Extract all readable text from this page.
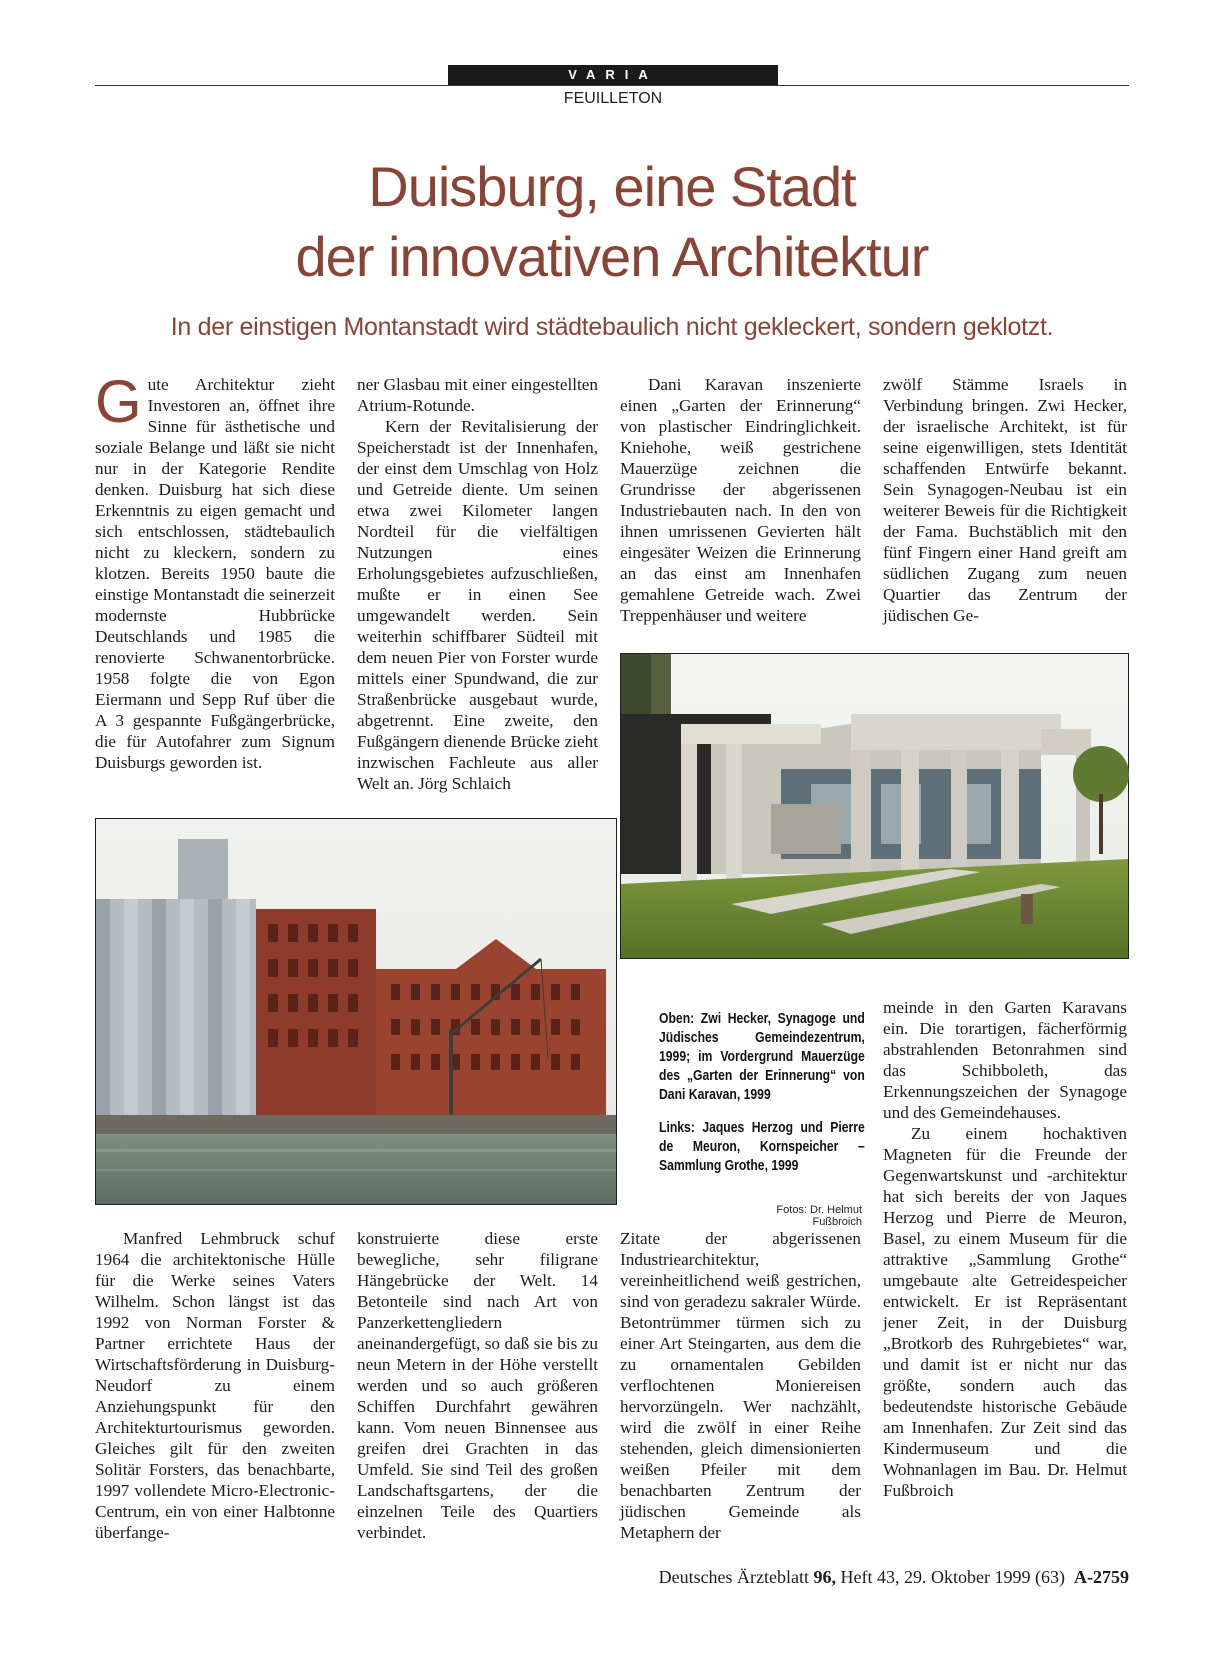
VARIA
FEUILLETON
Duisburg, eine Stadt
der innovativen Architektur
In der einstigen Montanstadt wird städtebaulich nicht gekleckert, sondern geklotzt.
G ute Architektur zieht Investoren an, öffnet ihre Sinne für ästhetische und soziale Belange und läßt sie nicht nur in der Kategorie Rendite denken. Duisburg hat sich diese Erkenntnis zu eigen gemacht und sich entschlossen, städtebaulich nicht zu kleckern, sondern zu klotzen. Bereits 1950 baute die einstige Montanstadt die seinerzeit modernste Hubbrücke Deutschlands und 1985 die renovierte Schwanentorbrücke. 1958 folgte die von Egon Eiermann und Sepp Ruf über die A 3 gespannte Fußgängerbrücke, die für Autofahrer zum Signum Duisburgs geworden ist.

ner Glasbau mit einer eingestellten Atrium-Rotunde.

Kern der Revitalisierung der Speicherstadt ist der Innenhafen, der einst dem Umschlag von Holz und Getreide diente. Um seinen etwa zwei Kilometer langen Nordteil für die vielfältigen Nutzungen eines Erholungsgebietes aufzuschließen, mußte er in einen See umgewandelt werden. Sein weiterhin schiffbarer Südteil mit dem neuen Pier von Forster wurde mittels einer Spundwand, die zur Straßenbrücke ausgebaut wurde, abgetrennt. Eine zweite, den Fußgängern dienende Brücke zieht inzwischen Fachleute aus aller Welt an. Jörg Schlaich

Dani Karavan inszenierte einen „Garten der Erinnerung“ von plastischer Eindringlichkeit. Kniehohe, weiß gestrichene Mauerzüge zeichnen die Grundrisse der abgerissenen Industriebauten nach. In den von ihnen umrissenen Gevierten hält eingesäter Weizen die Erinnerung an das einst am Innenhafen gemahlene Getreide wach. Zwei Treppenhäuser und weitere

zwölf Stämme Israels in Verbindung bringen. Zwi Hecker, der israelische Architekt, ist für seine eigenwilligen, stets Identität schaffenden Entwürfe bekannt. Sein Synagogen-Neubau ist ein weiterer Beweis für die Richtigkeit der Fama. Buchstäblich mit den fünf Fingern einer Hand greift am südlichen Zugang zum neuen Quartier das Zentrum der jüdischen Ge-

Oben: Zwi Hecker, Synagoge und Jüdisches Gemeindezentrum, 1999; im Vordergrund Mauerzüge des „Garten der Erinnerung“ von Dani Karavan, 1999

Links: Jaques Herzog und Pierre de Meuron, Kornspeicher – Sammlung Grothe, 1999

Fotos: Dr. Helmut Fußbroich

meinde in den Garten Karavans ein. Die torartigen, fächerförmig abstrahlenden Betonrahmen sind das Schibboleth, das Erkennungszeichen der Synagoge und des Gemeindehauses.

Zu einem hochaktiven Magneten für die Freunde der Gegenwartskunst und -architektur hat sich bereits der von Jaques Herzog und Pierre de Meuron, Basel, zu einem Museum für die attraktive „Sammlung Grothe“ umgebaute alte Getreidespeicher entwickelt. Er ist Repräsentant jener Zeit, in der Duisburg „Brotkorb des Ruhrgebietes“ war, und damit ist er nicht nur das größte, sondern auch das bedeutendste historische Gebäude am Innenhafen. Zur Zeit sind das Kindermuseum und die Wohnanlagen im Bau. Dr. Helmut Fußbroich

Manfred Lehmbruck schuf 1964 die architektonische Hülle für die Werke seines Vaters Wilhelm. Schon längst ist das 1992 von Norman Forster & Partner errichtete Haus der Wirtschaftsförderung in Duisburg-Neudorf zu einem Anziehungspunkt für den Architekturtourismus geworden. Gleiches gilt für den zweiten Solitär Forsters, das benachbarte, 1997 vollendete Micro-Electronic-Centrum, ein von einer Halbtonne überfange-

konstruierte diese erste bewegliche, sehr filigrane Hängebrücke der Welt. 14 Betonteile sind nach Art von Panzerkettengliedern aneinandergefügt, so daß sie bis zu neun Metern in der Höhe verstellt werden und so auch größeren Schiffen Durchfahrt gewähren kann. Vom neuen Binnensee aus greifen drei Grachten in das Umfeld. Sie sind Teil des großen Landschaftsgartens, der die einzelnen Teile des Quartiers verbindet.

Zitate der abgerissenen Industriearchitektur, vereinheitlichend weiß gestrichen, sind von geradezu sakraler Würde. Betontrümmer türmen sich zu einer Art Steingarten, aus dem die zu ornamentalen Gebilden verflochtenen Moniereisen hervorzüngeln. Wer nachzählt, wird die zwölf in einer Reihe stehenden, gleich dimensionierten weißen Pfeiler mit dem benachbarten Zentrum der jüdischen Gemeinde als Metaphern der

Deutsches Ärzteblatt 96, Heft 43, 29. Oktober 1999 (63) A-2759
